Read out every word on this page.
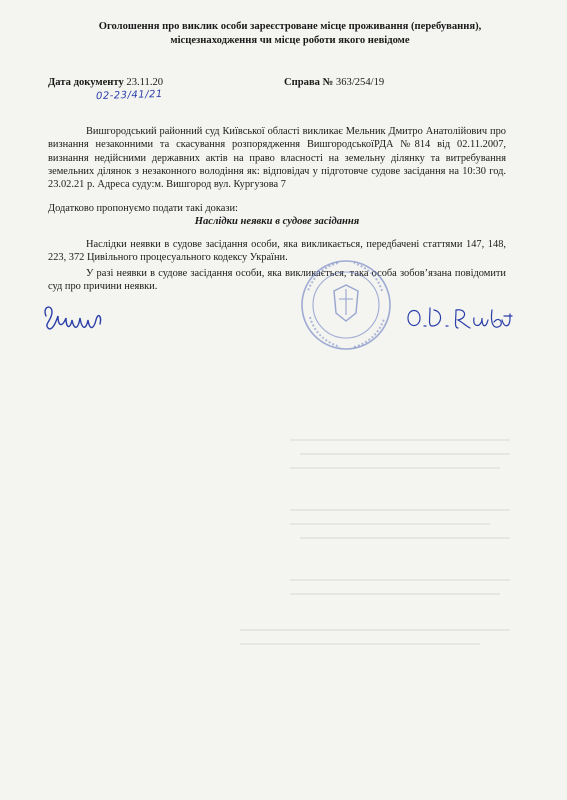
Оголошення про виклик особи зареєстроване місце проживання (перебування),
місцезнаходження чи місце роботи якого невідоме
Дата документу 23.11.20	Справа № 363/254/19
02-23/41/21
Вишгородський районний суд Київської області викликає Мельник Дмитро Анатолійович про визнання незаконними та скасування розпорядження ВишгородськоїРДА №814 від 02.11.2007, визнання недійсними державних актів на право власності на земельну ділянку та витребування земельних ділянок з незаконного володіння як: відповідач у підготовче судове засідання на 10:30 год. 23.02.21 р. Адреса суду:м. Вишгород вул. Кургузова 7
Додатково пропонуємо подати такі докази:
Наслідки неявки в судове засідання
Наслідки неявки в судове засідання особи, яка викликається, передбачені статтями 147, 148, 223, 372 Цивільного процесуального кодексу України.
У разі неявки в судове засідання особи, яка викликається, така особа зобов’язана повідомити суд про причини неявки.
